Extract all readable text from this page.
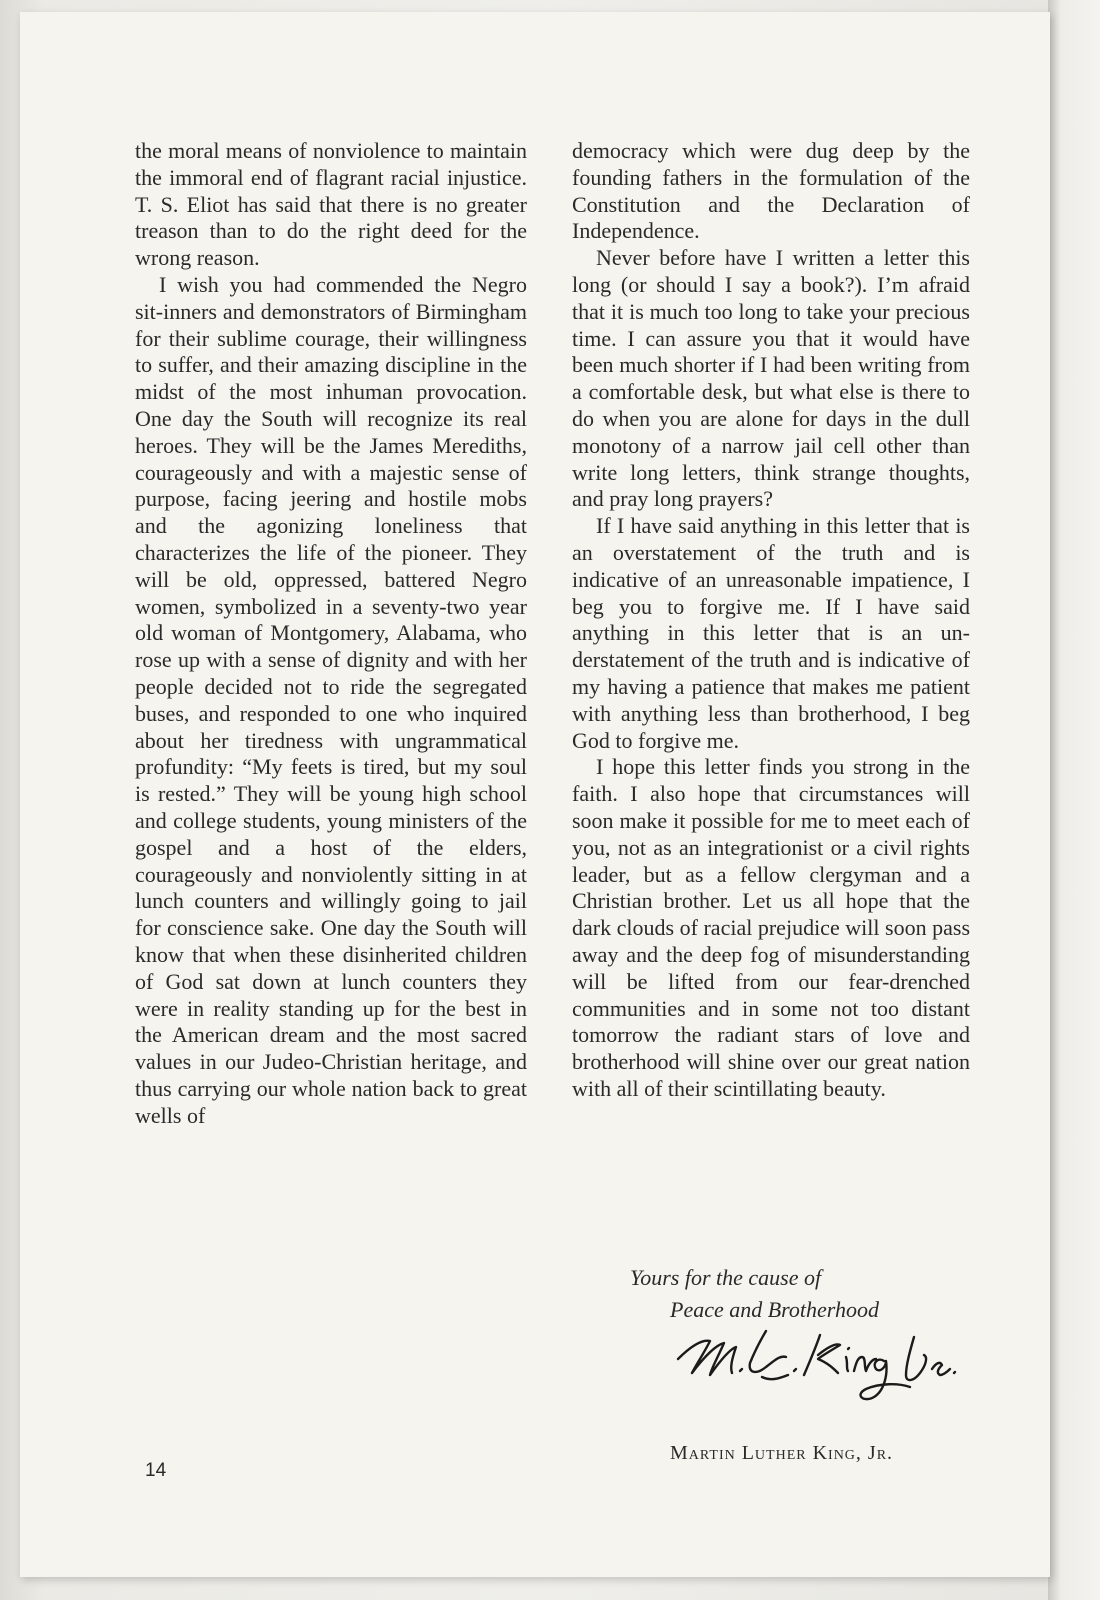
the moral means of nonviolence to maintain the immoral end of flagrant racial injustice. T. S. Eliot has said that there is no greater treason than to do the right deed for the wrong reason.

I wish you had commended the Negro sit-inners and demonstrators of Birmingham for their sublime courage, their willingness to suffer, and their amazing discipline in the midst of the most inhuman provocation. One day the South will recognize its real heroes. They will be the James Merediths, courageously and with a majestic sense of purpose, facing jeering and hostile mobs and the agonizing loneliness that characterizes the life of the pioneer. They will be old, oppressed, battered Negro women, symbolized in a seventy-two year old woman of Montgomery, Alabama, who rose up with a sense of dignity and with her people decided not to ride the segregated buses, and responded to one who inquired about her tiredness with ungrammatical profundity: “My feets is tired, but my soul is rested.” They will be young high school and college students, young ministers of the gospel and a host of the elders, courageously and nonviolently sitting in at lunch counters and willingly going to jail for conscience sake. One day the South will know that when these disinherited children of God sat down at lunch counters they were in reality standing up for the best in the American dream and the most sacred values in our Judeo-Christian heritage, and thus carrying our whole nation back to great wells of

democracy which were dug deep by the founding fathers in the formulation of the Constitution and the Declaration of Independence.

Never before have I written a letter this long (or should I say a book?). I’m afraid that it is much too long to take your precious time. I can assure you that it would have been much shorter if I had been writing from a comfortable desk, but what else is there to do when you are alone for days in the dull monotony of a narrow jail cell other than write long letters, think strange thoughts, and pray long prayers?

If I have said anything in this letter that is an overstatement of the truth and is indicative of an unreasonable impatience, I beg you to forgive me. If I have said anything in this letter that is an understatement of the truth and is indicative of my having a patience that makes me patient with anything less than brotherhood, I beg God to forgive me.

I hope this letter finds you strong in the faith. I also hope that circumstances will soon make it possible for me to meet each of you, not as an integrationist or a civil rights leader, but as a fellow clergyman and a Christian brother. Let us all hope that the dark clouds of racial prejudice will soon pass away and the deep fog of misunderstanding will be lifted from our fear-drenched communities and in some not too distant tomorrow the radiant stars of love and brotherhood will shine over our great nation with all of their scintillating beauty.

Yours for the cause of
Peace and Brotherhood
Martin Luther King, Jr.
14
